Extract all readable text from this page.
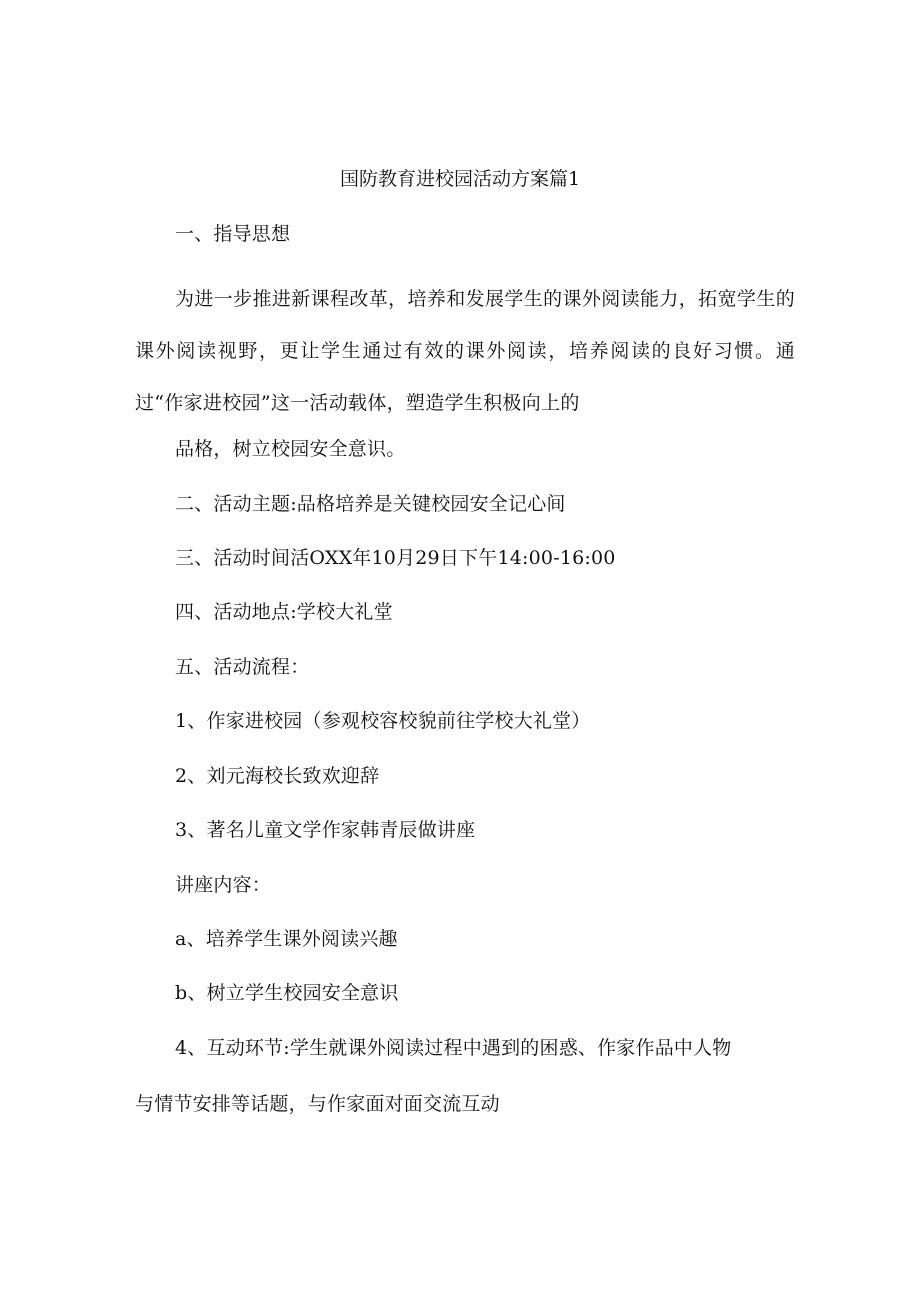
国防教育进校园活动方案篇1
一、指导思想
为进一步推进新课程改革，培养和发展学生的课外阅读能力，拓宽学生的课外阅读视野，更让学生通过有效的课外阅读，培养阅读的良好习惯。通过“作家进校园”这一活动载体，塑造学生积极向上的
品格，树立校园安全意识。
二、活动主题:品格培养是关键校园安全记心间
三、活动时间活OXX年10月29日下午14:00-16:00
四、活动地点:学校大礼堂
五、活动流程：
1、作家进校园（参观校容校貌前往学校大礼堂）
2、刘元海校长致欢迎辞
3、著名儿童文学作家韩青辰做讲座
讲座内容：
a、培养学生课外阅读兴趣
b、树立学生校园安全意识
4、互动环节:学生就课外阅读过程中遇到的困惑、作家作品中人物
与情节安排等话题，与作家面对面交流互动
